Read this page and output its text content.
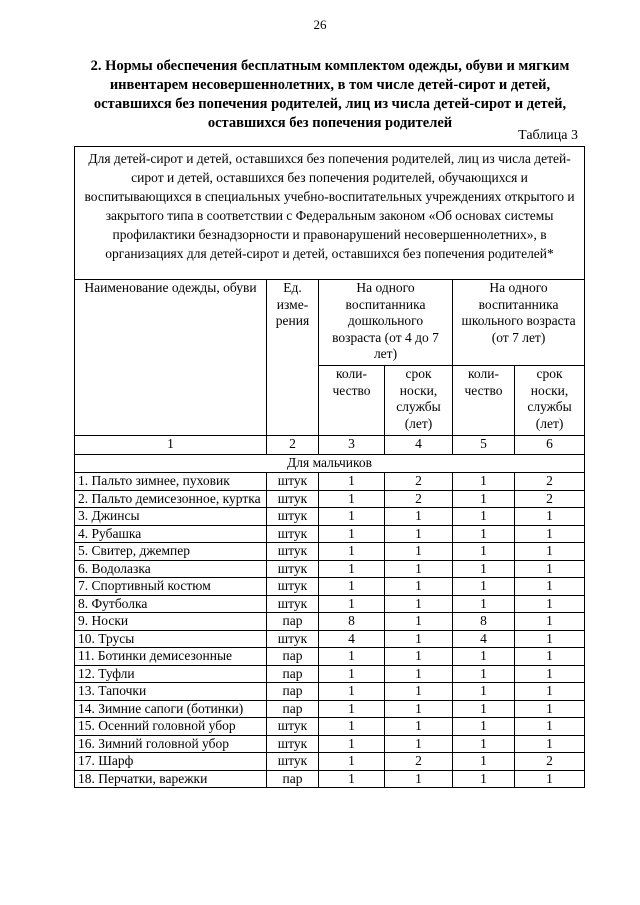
26
2. Нормы обеспечения бесплатным комплектом одежды, обуви и мягким инвентарем несовершеннолетних, в том числе детей-сирот и детей, оставшихся без попечения родителей, лиц из числа детей-сирот и детей, оставшихся без попечения родителей
Таблица 3
Для детей-сирот и детей, оставшихся без попечения родителей, лиц из числа детей-сирот и детей, оставшихся без попечения родителей, обучающихся и воспитывающихся в специальных учебно-воспитательных учреждениях открытого и закрытого типа в соответствии с Федеральным законом «Об основах системы профилактики безнадзорности и правонарушений несовершеннолетних», в организациях для детей-сирот и детей, оставшихся без попечения родителей*					
Наименование одежды, обуви	Ед. изме-рения	На одного воспитанника дошкольного возраста (от 4 до 7 лет)		На одного воспитанника школьного возраста (от 7 лет)	
		коли-чество	срок носки, службы (лет)	коли-чество	срок носки, службы (лет)
1	2	3	4	5	6
Для мальчиков					
1. Пальто зимнее, пуховик	штук	1	2	1	2
2. Пальто демисезонное, куртка	штук	1	2	1	2
3. Джинсы	штук	1	1	1	1
4. Рубашка	штук	1	1	1	1
5. Свитер, джемпер	штук	1	1	1	1
6. Водолазка	штук	1	1	1	1
7. Спортивный костюм	штук	1	1	1	1
8. Футболка	штук	1	1	1	1
9. Носки	пар	8	1	8	1
10. Трусы	штук	4	1	4	1
11. Ботинки демисезонные	пар	1	1	1	1
12. Туфли	пар	1	1	1	1
13. Тапочки	пар	1	1	1	1
14. Зимние сапоги (ботинки)	пар	1	1	1	1
15. Осенний головной убор	штук	1	1	1	1
16. Зимний головной убор	штук	1	1	1	1
17. Шарф	штук	1	2	1	2
18. Перчатки, варежки	пар	1	1	1	1
